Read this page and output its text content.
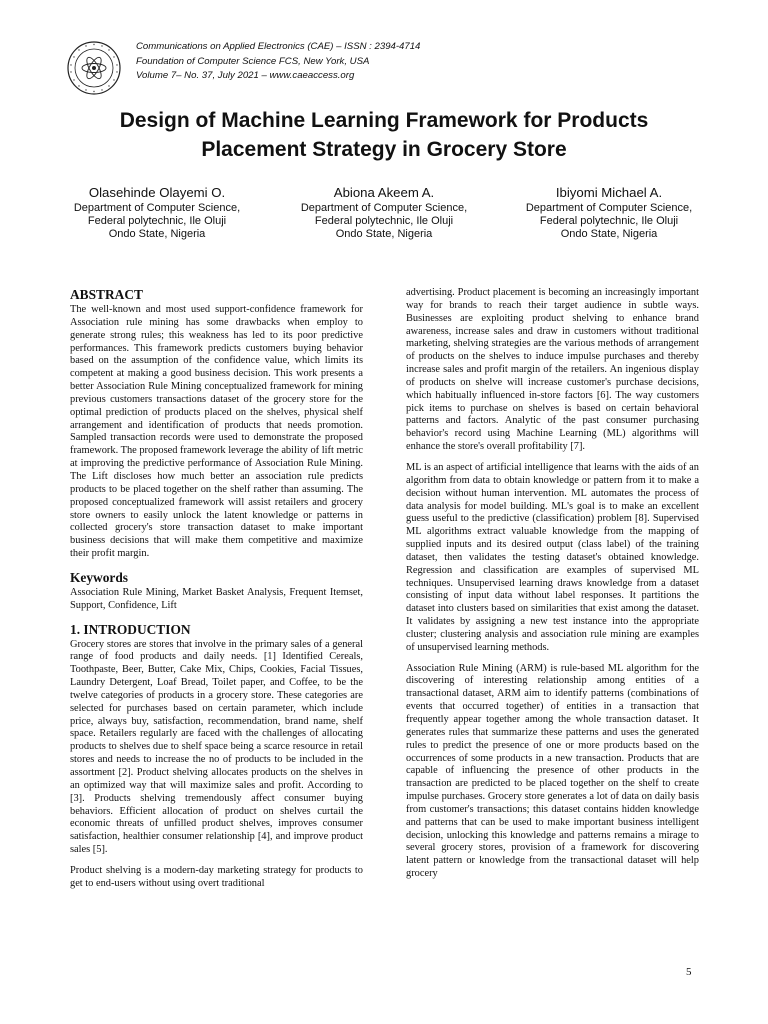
Communications on Applied Electronics (CAE) – ISSN : 2394-4714
Foundation of Computer Science FCS, New York, USA
Volume 7– No. 37, July 2021 – www.caeaccess.org
Design of Machine Learning Framework for Products
Placement Strategy in Grocery Store
Olasehinde Olayemi O.
Department of Computer Science,
Federal polytechnic, Ile Oluji
Ondo State, Nigeria
Abiona Akeem A.
Department of Computer Science,
Federal polytechnic, Ile Oluji
Ondo State, Nigeria
Ibiyomi Michael A.
Department of Computer Science,
Federal polytechnic, Ile Oluji
Ondo State, Nigeria
ABSTRACT

The well-known and most used support-confidence framework for Association rule mining has some drawbacks when employ to generate strong rules; this weakness has led to its poor predictive performances. This framework predicts customers buying behavior based on the assumption of the confidence value, which limits its competent at making a good business decision. This work presents a better Association Rule Mining conceptualized framework for mining previous customers transactions dataset of the grocery store for the optimal prediction of products placed on the shelves, physical shelf arrangement and identification of products that needs promotion. Sampled transaction records were used to demonstrate the proposed framework. The proposed framework leverage the ability of lift metric at improving the predictive performance of Association Rule Mining. The Lift discloses how much better an association rule predicts products to be placed together on the shelf rather than assuming. The proposed conceptualized framework will assist retailers and grocery store owners to easily unlock the latent knowledge or patterns in collected grocery's store transaction dataset to make important business decisions that will make them competitive and maximize their profit margin.

Keywords

Association Rule Mining, Market Basket Analysis, Frequent Itemset, Support, Confidence, Lift

1. INTRODUCTION

Grocery stores are stores that involve in the primary sales of a general range of food products and daily needs. [1] Identified Cereals, Toothpaste, Beer, Butter, Cake Mix, Chips, Cookies, Facial Tissues, Laundry Detergent, Loaf Bread, Toilet paper, and Coffee, to be the twelve categories of products in a grocery store. These categories are selected for purchases based on certain parameter, which include price, always buy, satisfaction, recommendation, brand name, shelf space. Retailers regularly are faced with the challenges of allocating products to shelves due to shelf space being a scarce resource in retail stores and needs to increase the no of products to be included in the assortment [2]. Product shelving allocates products on the shelves in an optimized way that will maximize sales and profit. According to [3]. Products shelving tremendously affect consumer buying behaviors. Efficient allocation of product on shelves curtail the economic threats of unfilled product shelves, improves consumer satisfaction, healthier consumer relationship [4], and improve product sales [5].

Product shelving is a modern-day marketing strategy for products to get to end-users without using overt traditional

advertising. Product placement is becoming an increasingly important way for brands to reach their target audience in subtle ways. Businesses are exploiting product shelving to enhance brand awareness, increase sales and draw in customers without traditional marketing, shelving strategies are the various methods of arrangement of products on the shelves to induce impulse purchases and thereby increase sales and profit margin of the retailers. An ingenious display of products on shelve will increase customer's purchase decisions, which habitually influenced in-store factors [6]. The way customers pick items to purchase on shelves is based on certain behavioral patterns and factors. Analytic of the past consumer purchasing behavior's record using Machine Learning (ML) algorithms will enhance the store's overall profitability [7].

ML is an aspect of artificial intelligence that learns with the aids of an algorithm from data to obtain knowledge or pattern from it to make a decision without human intervention. ML automates the process of data analysis for model building. ML's goal is to make an excellent guess useful to the predictive (classification) problem [8]. Supervised ML algorithms extract valuable knowledge from the mapping of supplied inputs and its desired output (class label) of the training dataset, then validates the testing dataset's obtained knowledge. Regression and classification are examples of supervised ML techniques. Unsupervised learning draws knowledge from a dataset consisting of input data without label responses. It partitions the dataset into clusters based on similarities that exist among the dataset. It validates by assigning a new test instance into the appropriate cluster; clustering analysis and association rule mining are examples of unsupervised learning methods.

Association Rule Mining (ARM) is rule-based ML algorithm for the discovering of interesting relationship among entities of a transactional dataset, ARM aim to identify patterns (combinations of events that occurred together) of entities in a transaction that frequently appear together among the whole transaction dataset. It generates rules that summarize these patterns and uses the generated rules to predict the presence of one or more products based on the occurrences of some products in a new transaction. Products that are capable of influencing the presence of other products in the transaction are predicted to be placed together on the shelf to create impulse purchases. Grocery store generates a lot of data on daily basis from customer's transactions; this dataset contains hidden knowledge and patterns that can be used to make important business intelligent decision, unlocking this knowledge and patterns remains a mirage to several grocery stores, provision of a framework for discovering latent pattern or knowledge from the transactional dataset will help grocery

5
